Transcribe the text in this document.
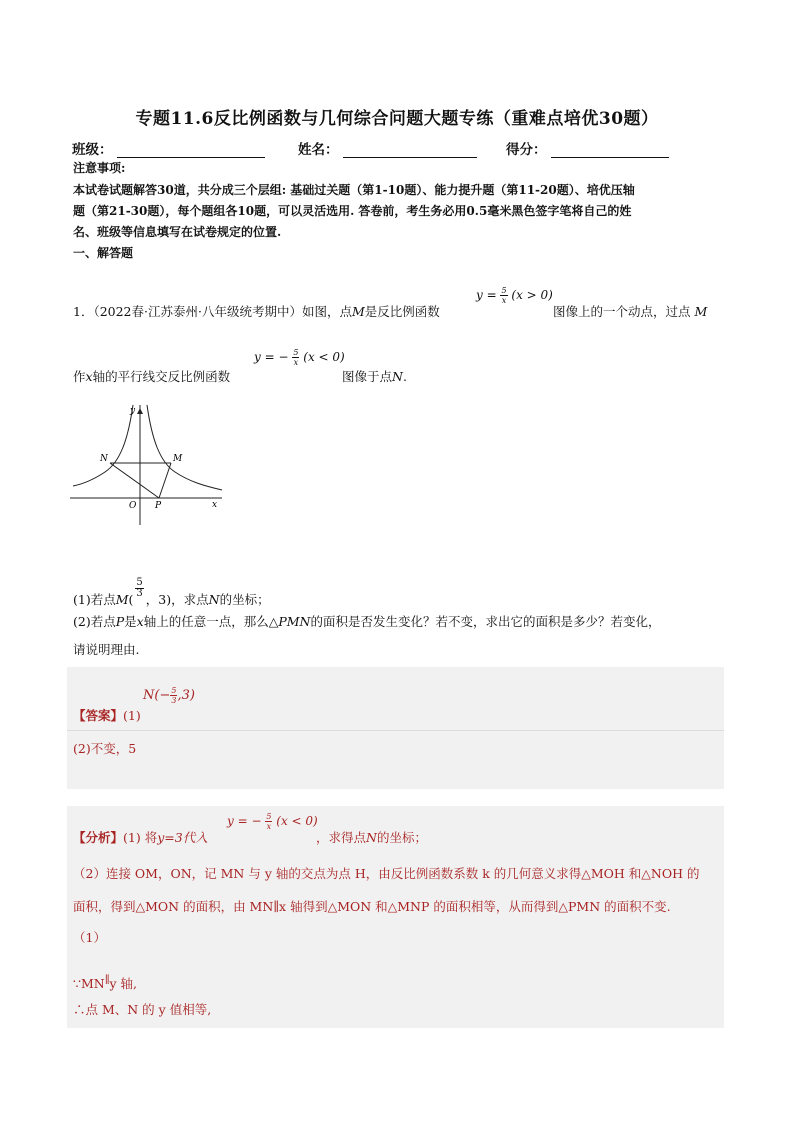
专题11.6反比例函数与几何综合问题大题专练（重难点培优30题）
班级：	姓名：	得分：
注意事项:
本试卷试题解答30道，共分成三个层组: 基础过关题（第1-10题）、能力提升题（第11-20题）、培优压轴
题（第21-30题），每个题组各10题，可以灵活选用. 答卷前，考生务必用0.5毫米黑色签字笔将自己的姓
名、班级等信息填写在试卷规定的位置.
一、解答题
1．（2022春·江苏泰州·八年级统考期中）如图，点M是反比例函数
$y = \frac{5}{x} (x > 0)$
图像上的一个动点，过点 M
作x轴的平行线交反比例函数
y = − $\frac{5}{x} (x < 0)$
图像于点N.
y
x
O P
N	M
(1)若点M(
$\frac{5}{3}$
，3)，求点N的坐标；
(2)若点P是x轴上的任意一点，那么△PMN的面积是否发生变化？若不变，求出它的面积是多少？若变化，
请说明理由.
【答案】(1)
$N(- \frac{5}{3} ,3)$
(2)不变，5
【分析】(1) 将y=3代入
y = − $\frac{5}{x} (x < 0)$
，求得点N的坐标；
（2）连接 OM，ON，记 MN 与 y 轴的交点为点 H，由反比例函数系数 k 的几何意义求得△MOH 和△NOH 的
面积，得到△MON 的面积，由 MN∥x 轴得到△MON 和△MNP 的面积相等，从而得到△PMN 的面积不变.
（1）
∵MN∥y 轴,
∴点 M、N 的 y 值相等,
